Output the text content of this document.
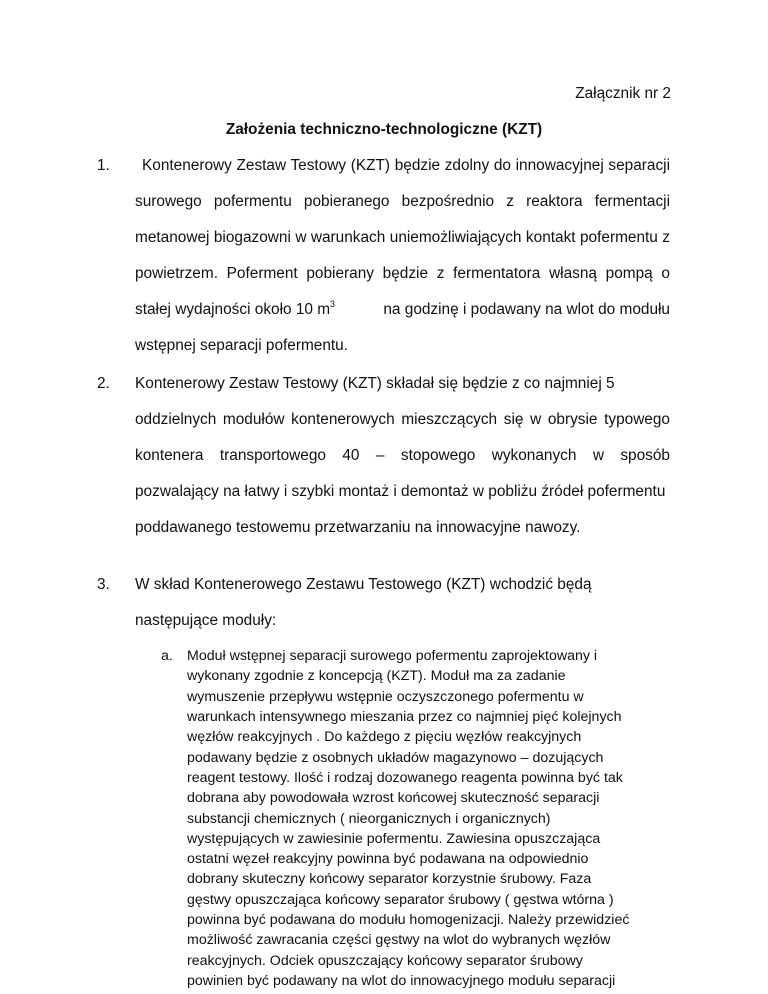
Załącznik nr 2
Założenia techniczno-technologiczne (KZT)
1. Kontenerowy Zestaw Testowy (KZT) będzie zdolny do innowacyjnej separacji
surowego pofermentu pobieranego bezpośrednio z reaktora fermentacji
metanowej biogazowni w warunkach uniemożliwiających kontakt pofermentu z
powietrzem. Poferment pobierany będzie z fermentatora własną pompą o
stałej wydajności około 10 $m^3$	na godzinę i podawany na wlot do modułu
wstępnej separacji pofermentu.
2. Kontenerowy Zestaw Testowy (KZT) składał się będzie z co najmniej 5
oddzielnych modułów kontenerowych mieszczących się w obrysie typowego
kontenera transportowego 40 – stopowego wykonanych w sposób
pozwalający na łatwy i szybki montaż i demontaż w pobliżu źródeł pofermentu
poddawanego testowemu przetwarzaniu na innowacyjne nawozy.
3. W skład Kontenerowego Zestawu Testowego (KZT) wchodzić będą
następujące moduły:
a. Moduł wstępnej separacji surowego pofermentu zaprojektowany i
wykonany zgodnie z koncepcją (KZT). Moduł ma za zadanie
wymuszenie przepływu wstępnie oczyszczonego pofermentu w
warunkach intensywnego mieszania przez co najmniej pięć kolejnych
węzłów reakcyjnych . Do każdego z pięciu węzłów reakcyjnych
podawany będzie z osobnych układów magazynowo – dozujących
reagent testowy. Ilość i rodzaj dozowanego reagenta powinna być tak
dobrana aby powodowała wzrost końcowej skuteczność separacji
substancji chemicznych ( nieorganicznych i organicznych)
występujących w zawiesinie pofermentu. Zawiesina opuszczająca
ostatni węzeł reakcyjny powinna być podawana na odpowiednio
dobrany skuteczny końcowy separator korzystnie śrubowy. Faza
gęstwy opuszczająca końcowy separator śrubowy ( gęstwa wtórna )
powinna być podawana do modułu homogenizacji. Należy przewidzieć
możliwość zawracania części gęstwy na wlot do wybranych węzłów
reakcyjnych. Odciek opuszczający końcowy separator śrubowy
powinien być podawany na wlot do innowacyjnego modułu separacji
